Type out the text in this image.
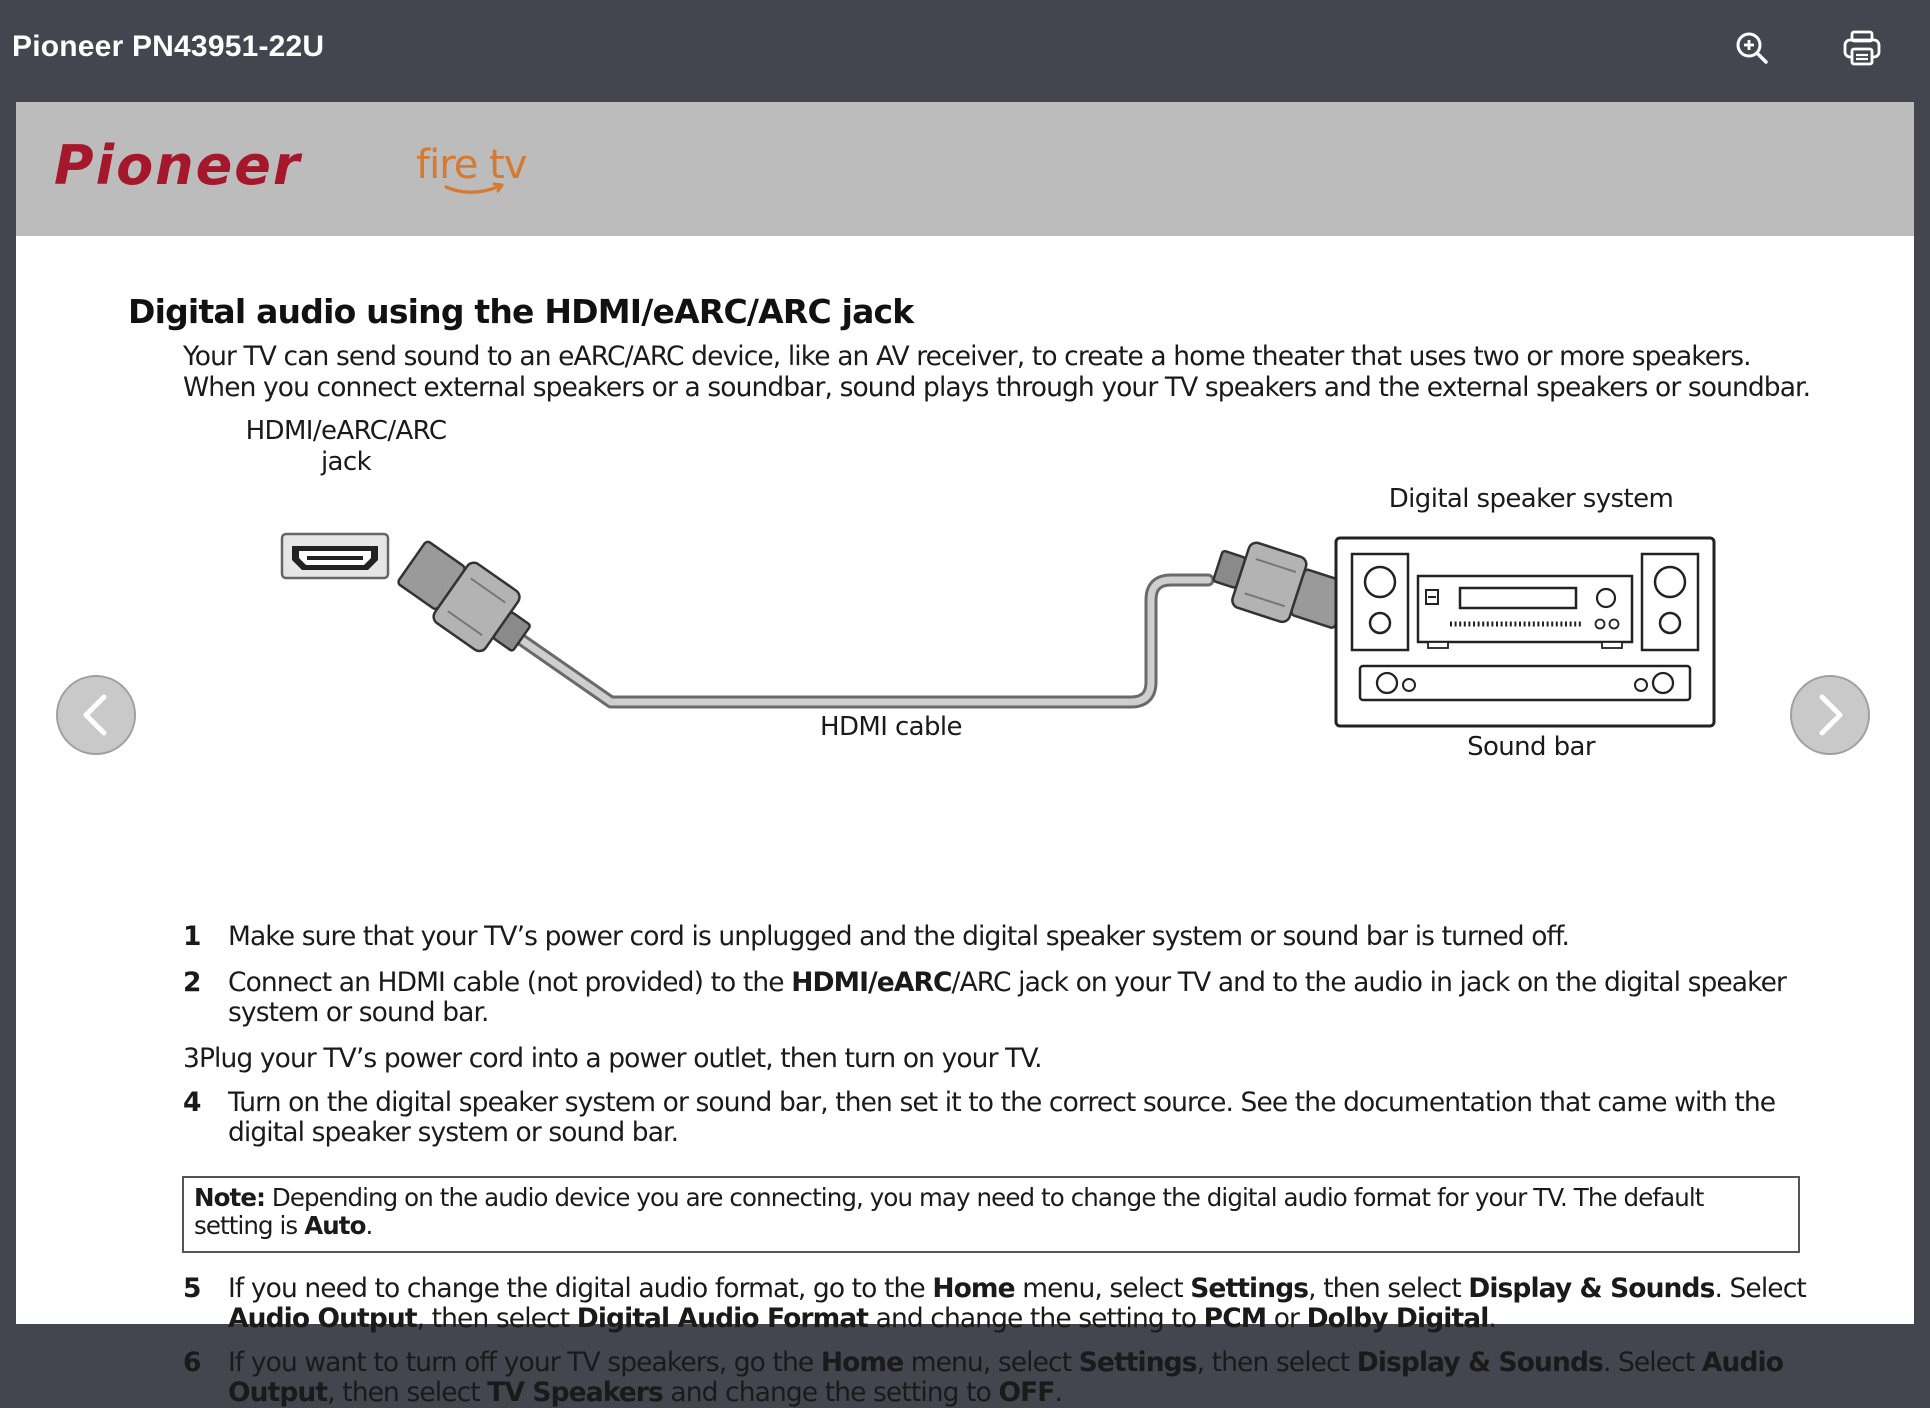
Pioneer PN43951-22U
Pioneer	fire tv
Digital audio using the HDMI/eARC/ARC jack

Your TV can send sound to an eARC/ARC device, like an AV receiver, to create a home theater that uses two or more speakers.

When you connect external speakers or a soundbar, sound plays through your TV speakers and the external speakers or soundbar.

HDMI/eARC/ARC
jack
HDMI cable
Digital speaker system
Sound bar
1 Make sure that your TV’s power cord is unplugged and the digital speaker system or sound bar is turned off.
2 Connect an HDMI cable (not provided) to the HDMI/eARC/ARC jack on your TV and to the audio in jack on the digital speaker system or sound bar.
3Plug your TV’s power cord into a power outlet, then turn on your TV.
4 Turn on the digital speaker system or sound bar, then set it to the correct source. See the documentation that came with the digital speaker system or sound bar.
5 If you need to change the digital audio format, go to the Home menu, select Settings, then select Display & Sounds. Select Audio Output, then select Digital Audio Format and change the setting to PCM or Dolby Digital.
6 If you want to turn off your TV speakers, go the Home menu, select Settings, then select Display & Sounds. Select Audio Output, then select TV Speakers and change the setting to OFF.
Note: Depending on the audio device you are connecting, you may need to change the digital audio format for your TV. The default setting is Auto.
